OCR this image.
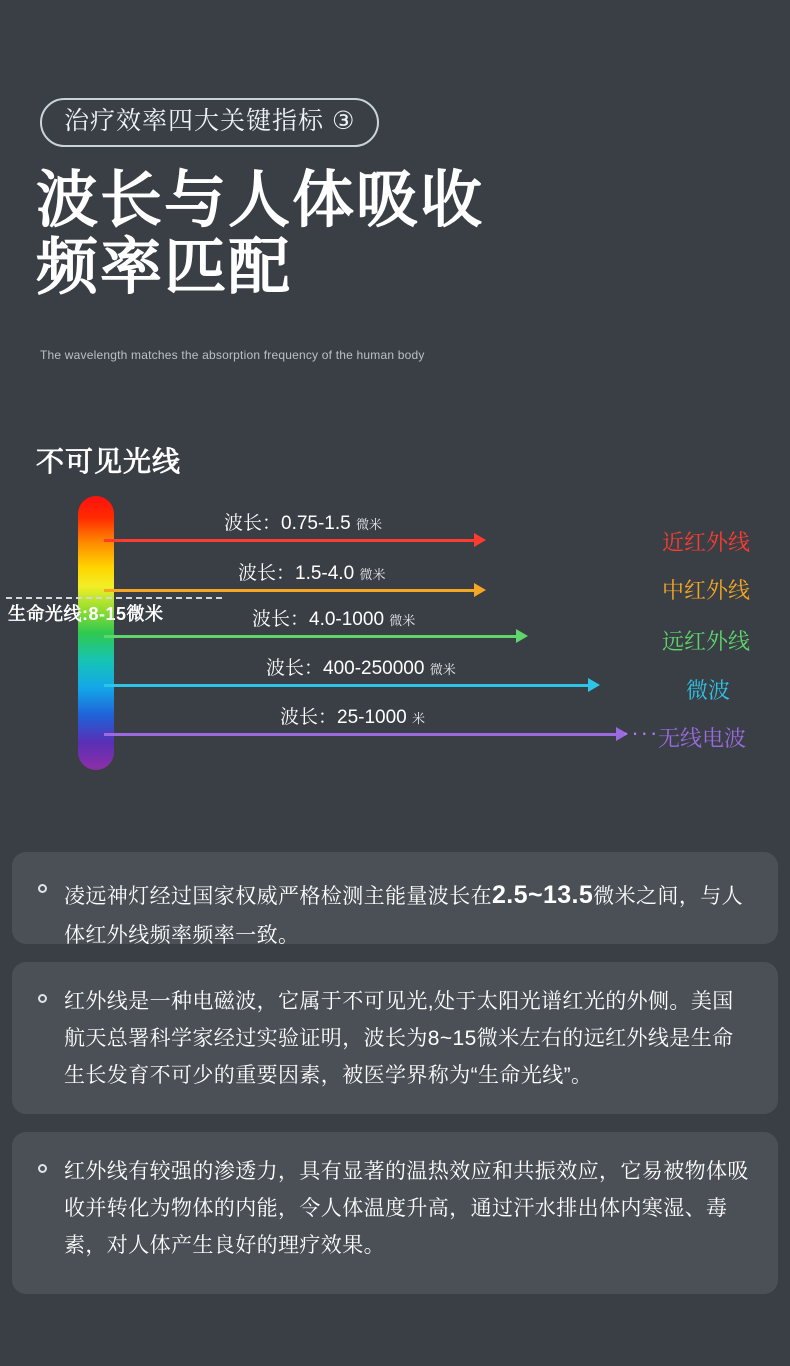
治疗效率四大关键指标 ③
波长与人体吸收
频率匹配
The wavelength matches the absorption frequency of the human body
不可见光线
生命光线:8-15微米
波长：0.75-1.5 微米
波长：1.5-4.0 微米
波长：4.0-1000 微米
波长：400-250000 微米
波长：25-1000 米
····

凌远神灯经过国家权威严格检测主能量波长在2.5~13.5微米之间，与人体红外线频率频率一致。

红外线是一种电磁波，它属于不可见光,处于太阳光谱红光的外侧。美国航天总署科学家经过实验证明，波长为8~15微米左右的远红外线是生命生长发育不可少的重要因素，被医学界称为“生命光线”。

红外线有较强的渗透力，具有显著的温热效应和共振效应，它易被物体吸收并转化为物体的内能，令人体温度升高，通过汗水排出体内寒湿、毒素，对人体产生良好的理疗效果。

近红外线
中红外线
远红外线
微波
无线电波
